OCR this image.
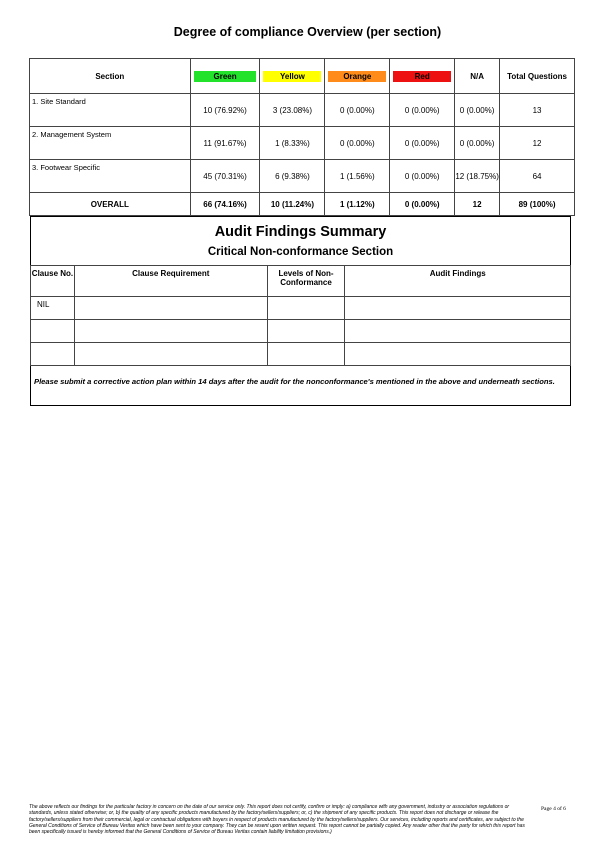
Degree of compliance Overview (per section)
Section	Green	Yellow	Orange	Red	N/A	Total Questions
1. Site Standard	10 (76.92%)	3 (23.08%)	0 (0.00%)	0 (0.00%)	0 (0.00%)	13
2. Management System	11 (91.67%)	1 (8.33%)	0 (0.00%)	0 (0.00%)	0 (0.00%)	12
3. Footwear Specific	45 (70.31%)	6 (9.38%)	1 (1.56%)	0 (0.00%)	12 (18.75%)	64
OVERALL	66 (74.16%)	10 (11.24%)	1 (1.12%)	0 (0.00%)	12	89 (100%)
Audit Findings Summary
Critical Non-conformance Section
Clause No.	Clause Requirement	Levels of Non-Conformance	Audit Findings
NIL			

Please submit a corrective action plan within 14 days after the audit for the nonconformance's mentioned in the above and underneath sections.
The above reflects our findings for the particular factory in concern on the date of our service only. This report does not certify, confirm or imply: a) compliance with any government, industry or association regulations or standards, unless stated otherwise; or, b) the quality of any specific products manufactured by the factory/sellers/suppliers; or, c) the shipment of any specific products. This report does not discharge or release the factory/sellers/suppliers from their commercial, legal or contractual obligations with buyers in respect of products manufactured by the factory/sellers/suppliers. Our services, including reports and certificates, are subject to the General Conditions of Service of Bureau Veritas which have been sent to your company. They can be resent upon written request. This report cannot be partially copied. Any reader other that the party for which this report has been specifically issued is hereby informed that the General Conditions of Service of Bureau Veritas contain liability limitation provisions.)
Page 4 of 6
